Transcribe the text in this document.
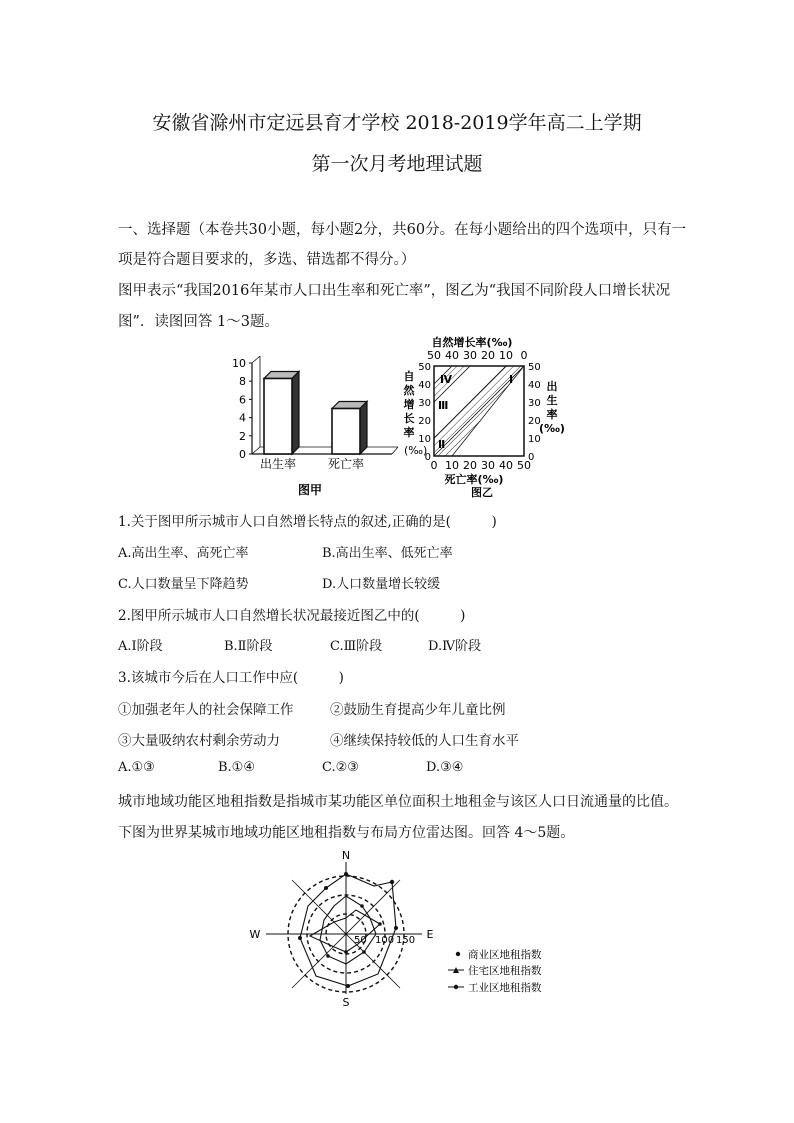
安徽省滁州市定远县育才学校 2018-2019学年高二上学期
第一次月考地理试题
一、选择题（本卷共30小题，每小题2分，共60分。在每小题给出的四个选项中，只有一
项是符合题目要求的，多选、错选都不得分。）
图甲表示“我国2016年某市人口出生率和死亡率”，图乙为“我国不同阶段人口增长状况
图”．读图回答 1～3题。
10
8
6
4
2
0	(‰)
出生率	死亡率
图甲
自然增长率(‰)
50 40 30 20 10 0
自
然
增
长
率
50
40
30
20
10
0
出
生
率
(‰)
50
40
30
20
10
0
0 10 20 30 40 50
Ⅰ
Ⅱ
Ⅲ
Ⅳ
死亡率(‰)
图乙
1.关于图甲所示城市人口自然增长特点的叙述,正确的是(　　　)
A.高出生率、高死亡率	B.高出生率、低死亡率
C.人口数量呈下降趋势	D.人口数量增长较缓
2.图甲所示城市人口自然增长状况最接近图乙中的(　　　)
A.Ⅰ阶段	B.Ⅱ阶段	C.Ⅲ阶段	D.Ⅳ阶段
3.该城市今后在人口工作中应(　　　)
①加强老年人的社会保障工作	②鼓励生育提高少年儿童比例
③大量吸纳农村剩余劳动力	④继续保持较低的人口生育水平
A.①③	B.①④	C.②③	D.③④
城市地域功能区地租指数是指城市某功能区单位面积土地租金与该区人口日流通量的比值。
下图为世界某城市地域功能区地租指数与布局方位雷达图。回答 4～5题。
N
S
W	E
50 100 150
商业区地租指数
住宅区地租指数
工业区地租指数
